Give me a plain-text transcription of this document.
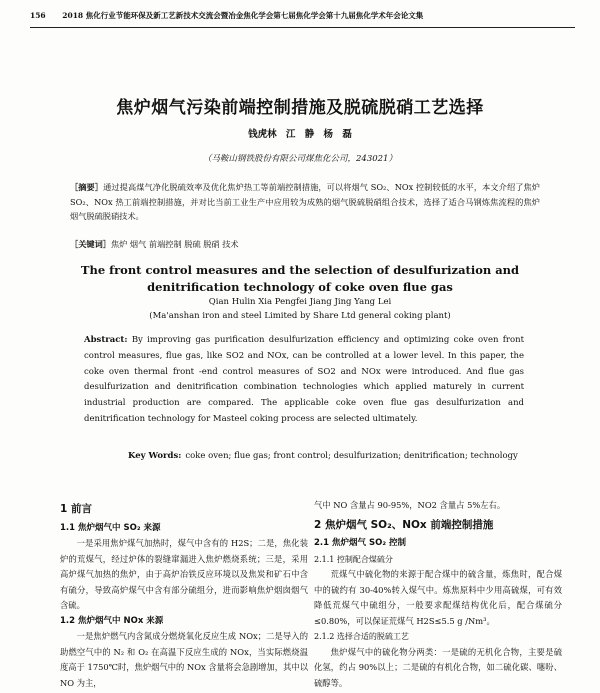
156 2018 焦化行业节能环保及新工艺新技术交流会暨冶金焦化学会第七届焦化学会第十九届焦化学术年会论文集
焦炉烟气污染前端控制措施及脱硫脱硝工艺选择
钱虎林 江 静 杨 磊
（马鞍山钢铁股份有限公司煤焦化公司，243021）
［摘要］通过提高煤气净化脱硫效率及优化焦炉热工等前端控制措施，可以将烟气 SO₂、NOx 控制较低的水平，本文介绍了焦炉 SO₂、NOx 热工前端控制措施，并对比当前工业生产中应用较为成熟的烟气脱硫脱硝组合技术，选择了适合马钢炼焦流程的焦炉烟气脱硫脱硝技术。
［关键词］焦炉 烟气 前端控制 脱硫 脱硝 技术
The front control measures and the selection of desulfurization and denitrification technology of coke oven flue gas
Qian Hulin Xia Pengfei Jiang Jing Yang Lei
(Ma'anshan iron and steel Limited by Share Ltd general coking plant)
Abstract: By improving gas purification desulfurization efficiency and optimizing coke oven front control measures, flue gas, like SO2 and NOx, can be controlled at a lower level. In this paper, the coke oven thermal front -end control measures of SO2 and NOx were introduced. And flue gas desulfurization and denitrification combination technologies which applied maturely in current industrial production are compared. The applicable coke oven flue gas desulfurization and denitrification technology for Masteel coking process are selected ultimately.
Key Words: coke oven; flue gas; front control; desulfurization; denitrification; technology
1 前言
1.1 焦炉烟气中 SO₂ 来源

一是采用焦炉煤气加热时，煤气中含有的 H2S；二是，焦化装炉的荒煤气，经过炉体的裂缝窜漏进入焦炉燃烧系统；三是，采用高炉煤气加热的焦炉，由于高炉冶铁反应环境以及焦炭和矿石中含有硫分，导致高炉煤气中含有部分硫组分，进而影响焦炉烟囱烟气含硫。

1.2 焦炉烟气中 NOx 来源

一是焦炉燃气内含氮成分燃烧氧化反应生成 NOx；二是导入的助燃空气中的 N₂ 和 O₂ 在高温下反应生成的 NOx，当实际燃烧温度高于 1750℃时，焦炉烟气中的 NOx 含量将会急剧增加，其中以 NO 为主，

气中 NO 含量占 90-95%，NO2 含量占 5%左右。

2 焦炉烟气 SO₂、NOx 前端控制措施
2.1 焦炉烟气 SO₂ 控制
2.1.1 控制配合煤硫分

荒煤气中硫化物的来源于配合煤中的硫含量，炼焦时，配合煤中的硫约有 30-40%转入煤气中。炼焦原料中少用高硫煤，可有效降低荒煤气中硫组分，一般要求配煤结构优化后，配合煤硫分≤0.80%，可以保证荒煤气 H2S≤5.5 g /Nm³。

2.1.2 选择合适的脱硫工艺

焦炉煤气中的硫化物分两类：一是硫的无机化合物，主要是硫化氢，约占 90%以上；二是硫的有机化合物，如二硫化碳、噻吩、硫醇等。
